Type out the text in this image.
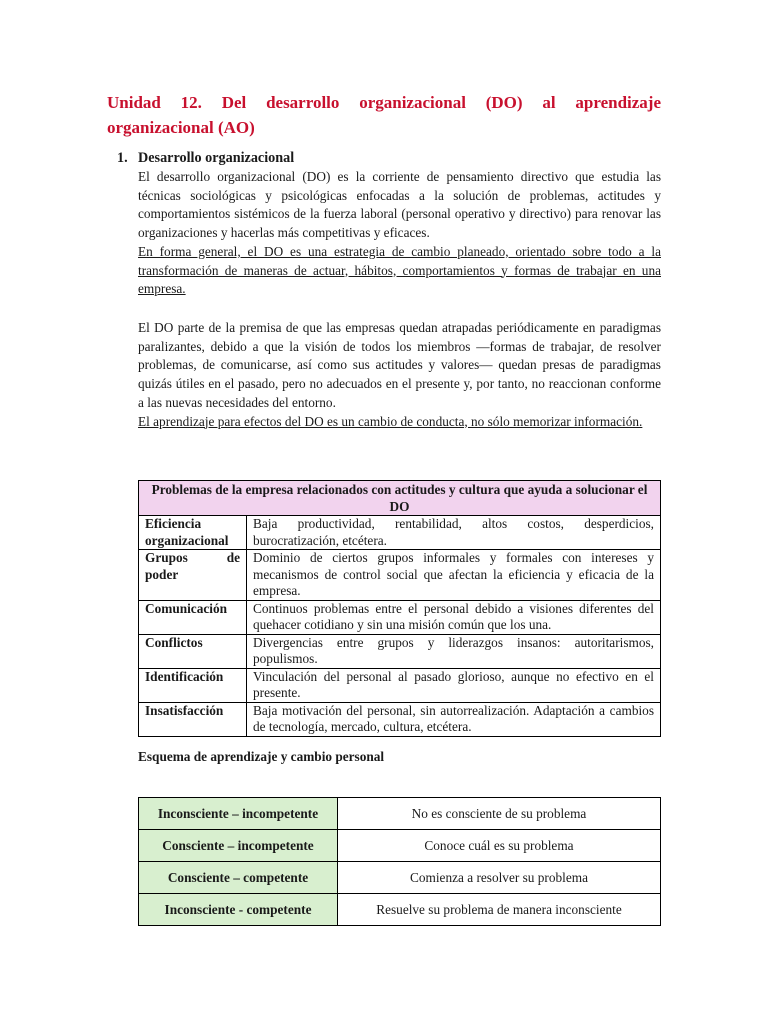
Unidad 12. Del desarrollo organizacional (DO) al aprendizaje organizacional (AO)
1. Desarrollo organizacional

El desarrollo organizacional (DO) es la corriente de pensamiento directivo que estudia las técnicas sociológicas y psicológicas enfocadas a la solución de problemas, actitudes y comportamientos sistémicos de la fuerza laboral (personal operativo y directivo) para renovar las organizaciones y hacerlas más competitivas y eficaces.

En forma general, el DO es una estrategia de cambio planeado, orientado sobre todo a la transformación de maneras de actuar, hábitos, comportamientos y formas de trabajar en una empresa.

El DO parte de la premisa de que las empresas quedan atrapadas periódicamente en paradigmas paralizantes, debido a que la visión de todos los miembros —formas de trabajar, de resolver problemas, de comunicarse, así como sus actitudes y valores— quedan presas de paradigmas quizás útiles en el pasado, pero no adecuados en el presente y, por tanto, no reaccionan conforme a las nuevas necesidades del entorno.

El aprendizaje para efectos del DO es un cambio de conducta, no sólo memorizar información.

Problemas de la empresa relacionados con actitudes y cultura que ayuda a solucionar el DO	
Eficiencia organizacional	Baja productividad, rentabilidad, altos costos, desperdicios, burocratización, etcétera.
Grupos de poder	Dominio de ciertos grupos informales y formales con intereses y mecanismos de control social que afectan la eficiencia y eficacia de la empresa.
Comunicación	Continuos problemas entre el personal debido a visiones diferentes del quehacer cotidiano y sin una misión común que los una.
Conflictos	Divergencias entre grupos y liderazgos insanos: autoritarismos, populismos.
Identificación	Vinculación del personal al pasado glorioso, aunque no efectivo en el presente.
Insatisfacción	Baja motivación del personal, sin autorrealización. Adaptación a cambios de tecnología, mercado, cultura, etcétera.

Esquema de aprendizaje y cambio personal

Inconsciente – incompetente	No es consciente de su problema
Consciente – incompetente	Conoce cuál es su problema
Consciente – competente	Comienza a resolver su problema
Inconsciente - competente	Resuelve su problema de manera inconsciente
